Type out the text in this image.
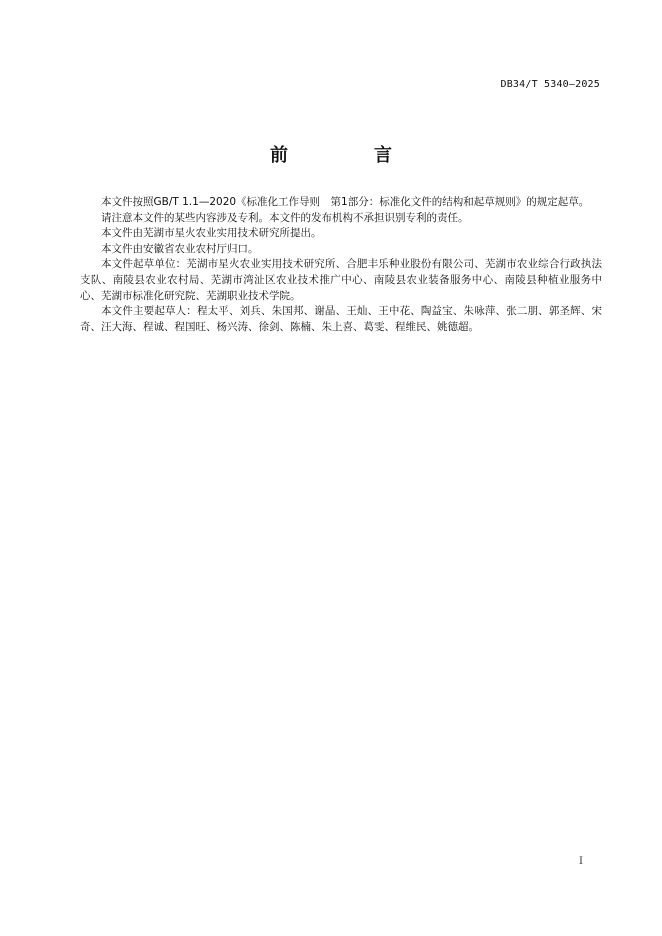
DB34/T 5340—2025
前　言

本文件按照GB/T 1.1—2020《标准化工作导则　第1部分：标准化文件的结构和起草规则》的规定起草。

请注意本文件的某些内容涉及专利。本文件的发布机构不承担识别专利的责任。

本文件由芜湖市星火农业实用技术研究所提出。

本文件由安徽省农业农村厅归口。

本文件起草单位：芜湖市星火农业实用技术研究所、合肥丰乐种业股份有限公司、芜湖市农业综合行政执法支队、南陵县农业农村局、芜湖市湾沚区农业技术推广中心、南陵县农业装备服务中心、南陵县种植业服务中心、芜湖市标准化研究院、芜湖职业技术学院。

本文件主要起草人：程太平、刘兵、朱国邦、谢晶、王灿、王中花、陶益宝、朱咏萍、张二朋、郭圣辉、宋奇、汪大海、程诚、程国旺、杨兴涛、徐剑、陈楠、朱上喜、葛雯、程维民、姚德超。

I
